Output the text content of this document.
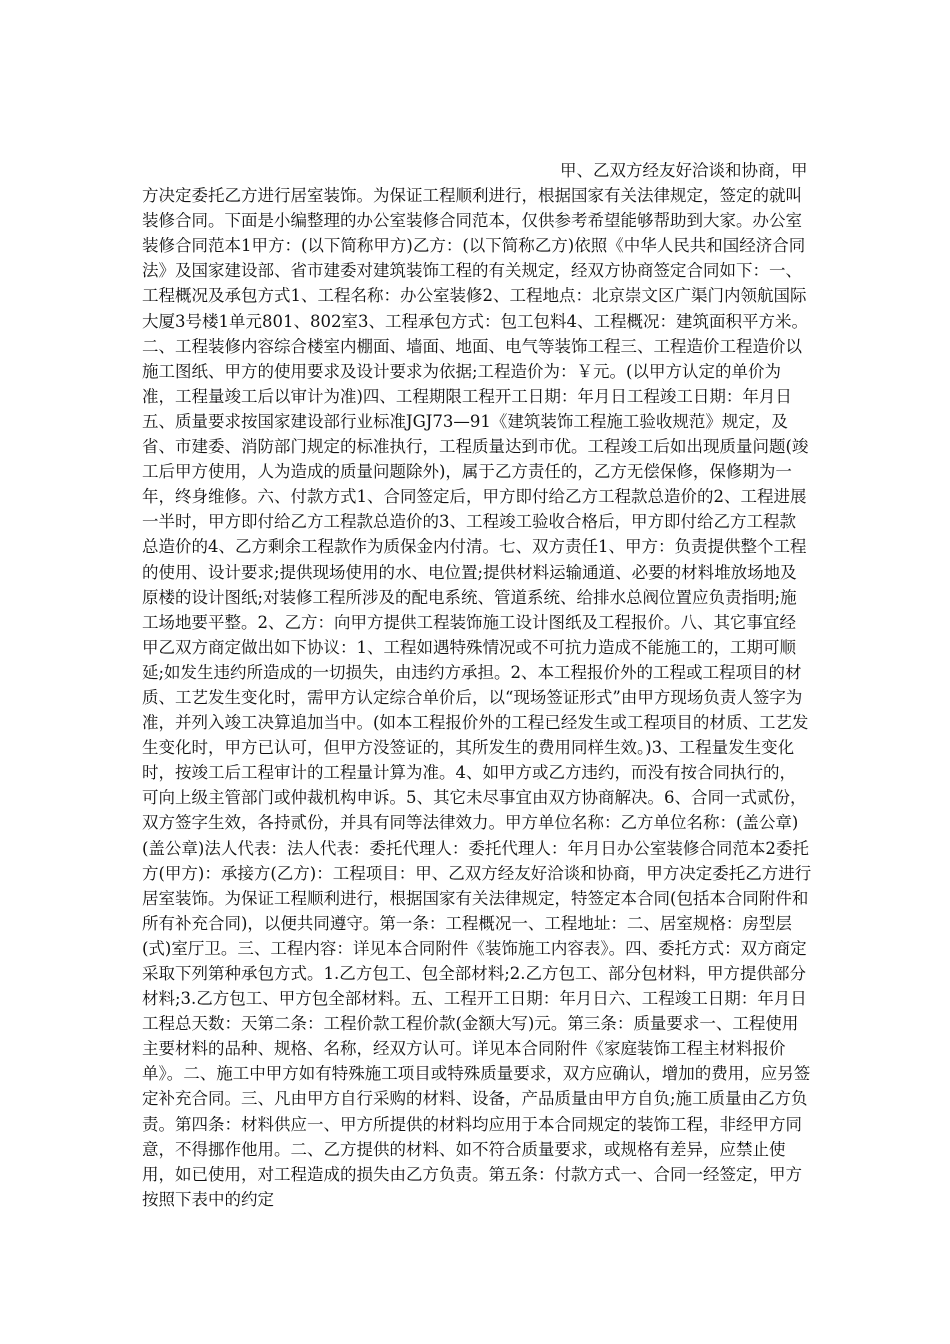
甲、乙双方经友好洽谈和协商，甲方决定委托乙方进行居室装饰。为保证工程顺利进行，根据国家有关法律规定，签定的就叫装修合同。下面是小编整理的办公室装修合同范本，仅供参考希望能够帮助到大家。办公室装修合同范本1甲方：(以下简称甲方)乙方：(以下简称乙方)依照《中华人民共和国经济合同法》及国家建设部、省市建委对建筑装饰工程的有关规定，经双方协商签定合同如下：一、工程概况及承包方式1、工程名称：办公室装修2、工程地点：北京崇文区广渠门内领航国际大厦3号楼1单元801、802室3、工程承包方式：包工包料4、工程概况：建筑面积平方米。二、工程装修内容综合楼室内棚面、墙面、地面、电气等装饰工程三、工程造价工程造价以施工图纸、甲方的使用要求及设计要求为依据;工程造价为：￥元。(以甲方认定的单价为准，工程量竣工后以审计为准)四、工程期限工程开工日期：年月日工程竣工日期：年月日五、质量要求按国家建设部行业标准JGJ73—91《建筑装饰工程施工验收规范》规定，及省、市建委、消防部门规定的标准执行，工程质量达到市优。工程竣工后如出现质量问题(竣工后甲方使用，人为造成的质量问题除外)，属于乙方责任的，乙方无偿保修，保修期为一年，终身维修。六、付款方式1、合同签定后，甲方即付给乙方工程款总造价的2、工程进展一半时，甲方即付给乙方工程款总造价的3、工程竣工验收合格后，甲方即付给乙方工程款总造价的4、乙方剩余工程款作为质保金内付清。七、双方责任1、甲方：负责提供整个工程的使用、设计要求;提供现场使用的水、电位置;提供材料运输通道、必要的材料堆放场地及原楼的设计图纸;对装修工程所涉及的配电系统、管道系统、给排水总阀位置应负责指明;施工场地要平整。2、乙方：向甲方提供工程装饰施工设计图纸及工程报价。八、其它事宜经甲乙双方商定做出如下协议：1、工程如遇特殊情况或不可抗力造成不能施工的，工期可顺延;如发生违约所造成的一切损失，由违约方承担。2、本工程报价外的工程或工程项目的材质、工艺发生变化时，需甲方认定综合单价后，以“现场签证形式”由甲方现场负责人签字为准，并列入竣工决算追加当中。(如本工程报价外的工程已经发生或工程项目的材质、工艺发生变化时，甲方已认可，但甲方没签证的，其所发生的费用同样生效。)3、工程量发生变化时，按竣工后工程审计的工程量计算为准。4、如甲方或乙方违约，而没有按合同执行的，可向上级主管部门或仲裁机构申诉。5、其它未尽事宜由双方协商解决。6、合同一式贰份，双方签字生效，各持贰份，并具有同等法律效力。甲方单位名称：乙方单位名称：(盖公章)(盖公章)法人代表：法人代表：委托代理人：委托代理人：年月日办公室装修合同范本2委托方(甲方)：承接方(乙方)：工程项目：甲、乙双方经友好洽谈和协商，甲方决定委托乙方进行居室装饰。为保证工程顺利进行，根据国家有关法律规定，特签定本合同(包括本合同附件和所有补充合同)，以便共同遵守。第一条：工程概况一、工程地址：二、居室规格：房型层(式)室厅卫。三、工程内容：详见本合同附件《装饰施工内容表》。四、委托方式：双方商定采取下列第种承包方式。1.乙方包工、包全部材料;2.乙方包工、部分包材料，甲方提供部分材料;3.乙方包工、甲方包全部材料。五、工程开工日期：年月日六、工程竣工日期：年月日工程总天数：天第二条：工程价款工程价款(金额大写)元。第三条：质量要求一、工程使用主要材料的品种、规格、名称，经双方认可。详见本合同附件《家庭装饰工程主材料报价单》。二、施工中甲方如有特殊施工项目或特殊质量要求，双方应确认，增加的费用，应另签定补充合同。三、凡由甲方自行采购的材料、设备，产品质量由甲方自负;施工质量由乙方负责。第四条：材料供应一、甲方所提供的材料均应用于本合同规定的装饰工程，非经甲方同意，不得挪作他用。二、乙方提供的材料、如不符合质量要求，或规格有差异，应禁止使用，如已使用，对工程造成的损失由乙方负责。第五条：付款方式一、合同一经签定，甲方按照下表中的约定
